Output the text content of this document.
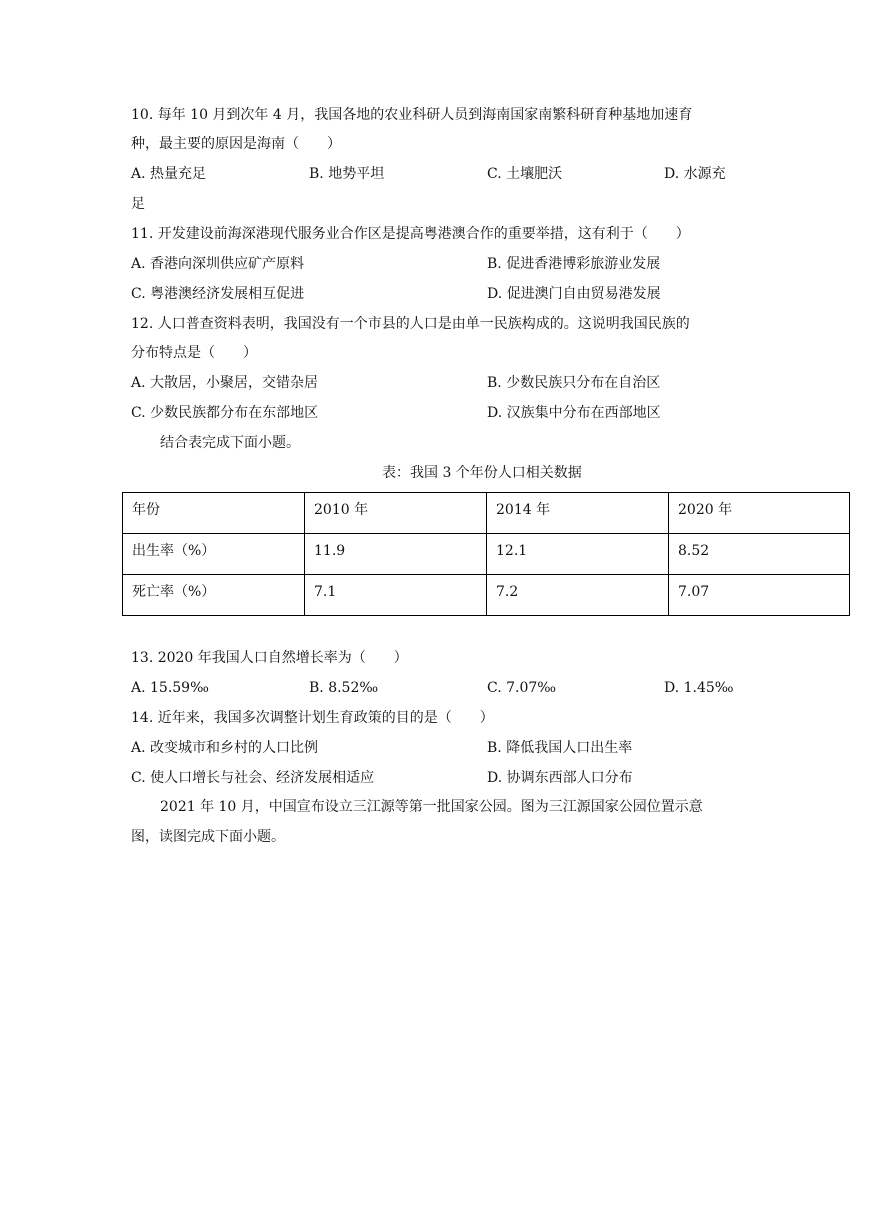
10. 每年 10 月到次年 4 月，我国各地的农业科研人员到海南国家南繁科研育种基地加速育
种，最主要的原因是海南（　　）
A. 热量充足	B. 地势平坦	C. 土壤肥沃	D. 水源充
足
11. 开发建设前海深港现代服务业合作区是提高粤港澳合作的重要举措，这有利于（　　）
A. 香港向深圳供应矿产原料	B. 促进香港博彩旅游业发展
C. 粤港澳经济发展相互促进	D. 促进澳门自由贸易港发展
12. 人口普查资料表明，我国没有一个市县的人口是由单一民族构成的。这说明我国民族的
分布特点是（　　）
A. 大散居，小聚居，交错杂居	B. 少数民族只分布在自治区
C. 少数民族都分布在东部地区	D. 汉族集中分布在西部地区
结合表完成下面小题。
表：我国 3 个年份人口相关数据
年份	2010 年	2014 年	2020 年
出生率（%）	11.9	12.1	8.52
死亡率（%）	7.1	7.2	7.07
13. 2020 年我国人口自然增长率为（　　）
A. 15.59‰	B. 8.52‰	C. 7.07‰	D. 1.45‰
14. 近年来，我国多次调整计划生育政策的目的是（　　）
A. 改变城市和乡村的人口比例	B. 降低我国人口出生率
C. 使人口增长与社会、经济发展相适应	D. 协调东西部人口分布
2021 年 10 月，中国宣布设立三江源等第一批国家公园。图为三江源国家公园位置示意
图，读图完成下面小题。
